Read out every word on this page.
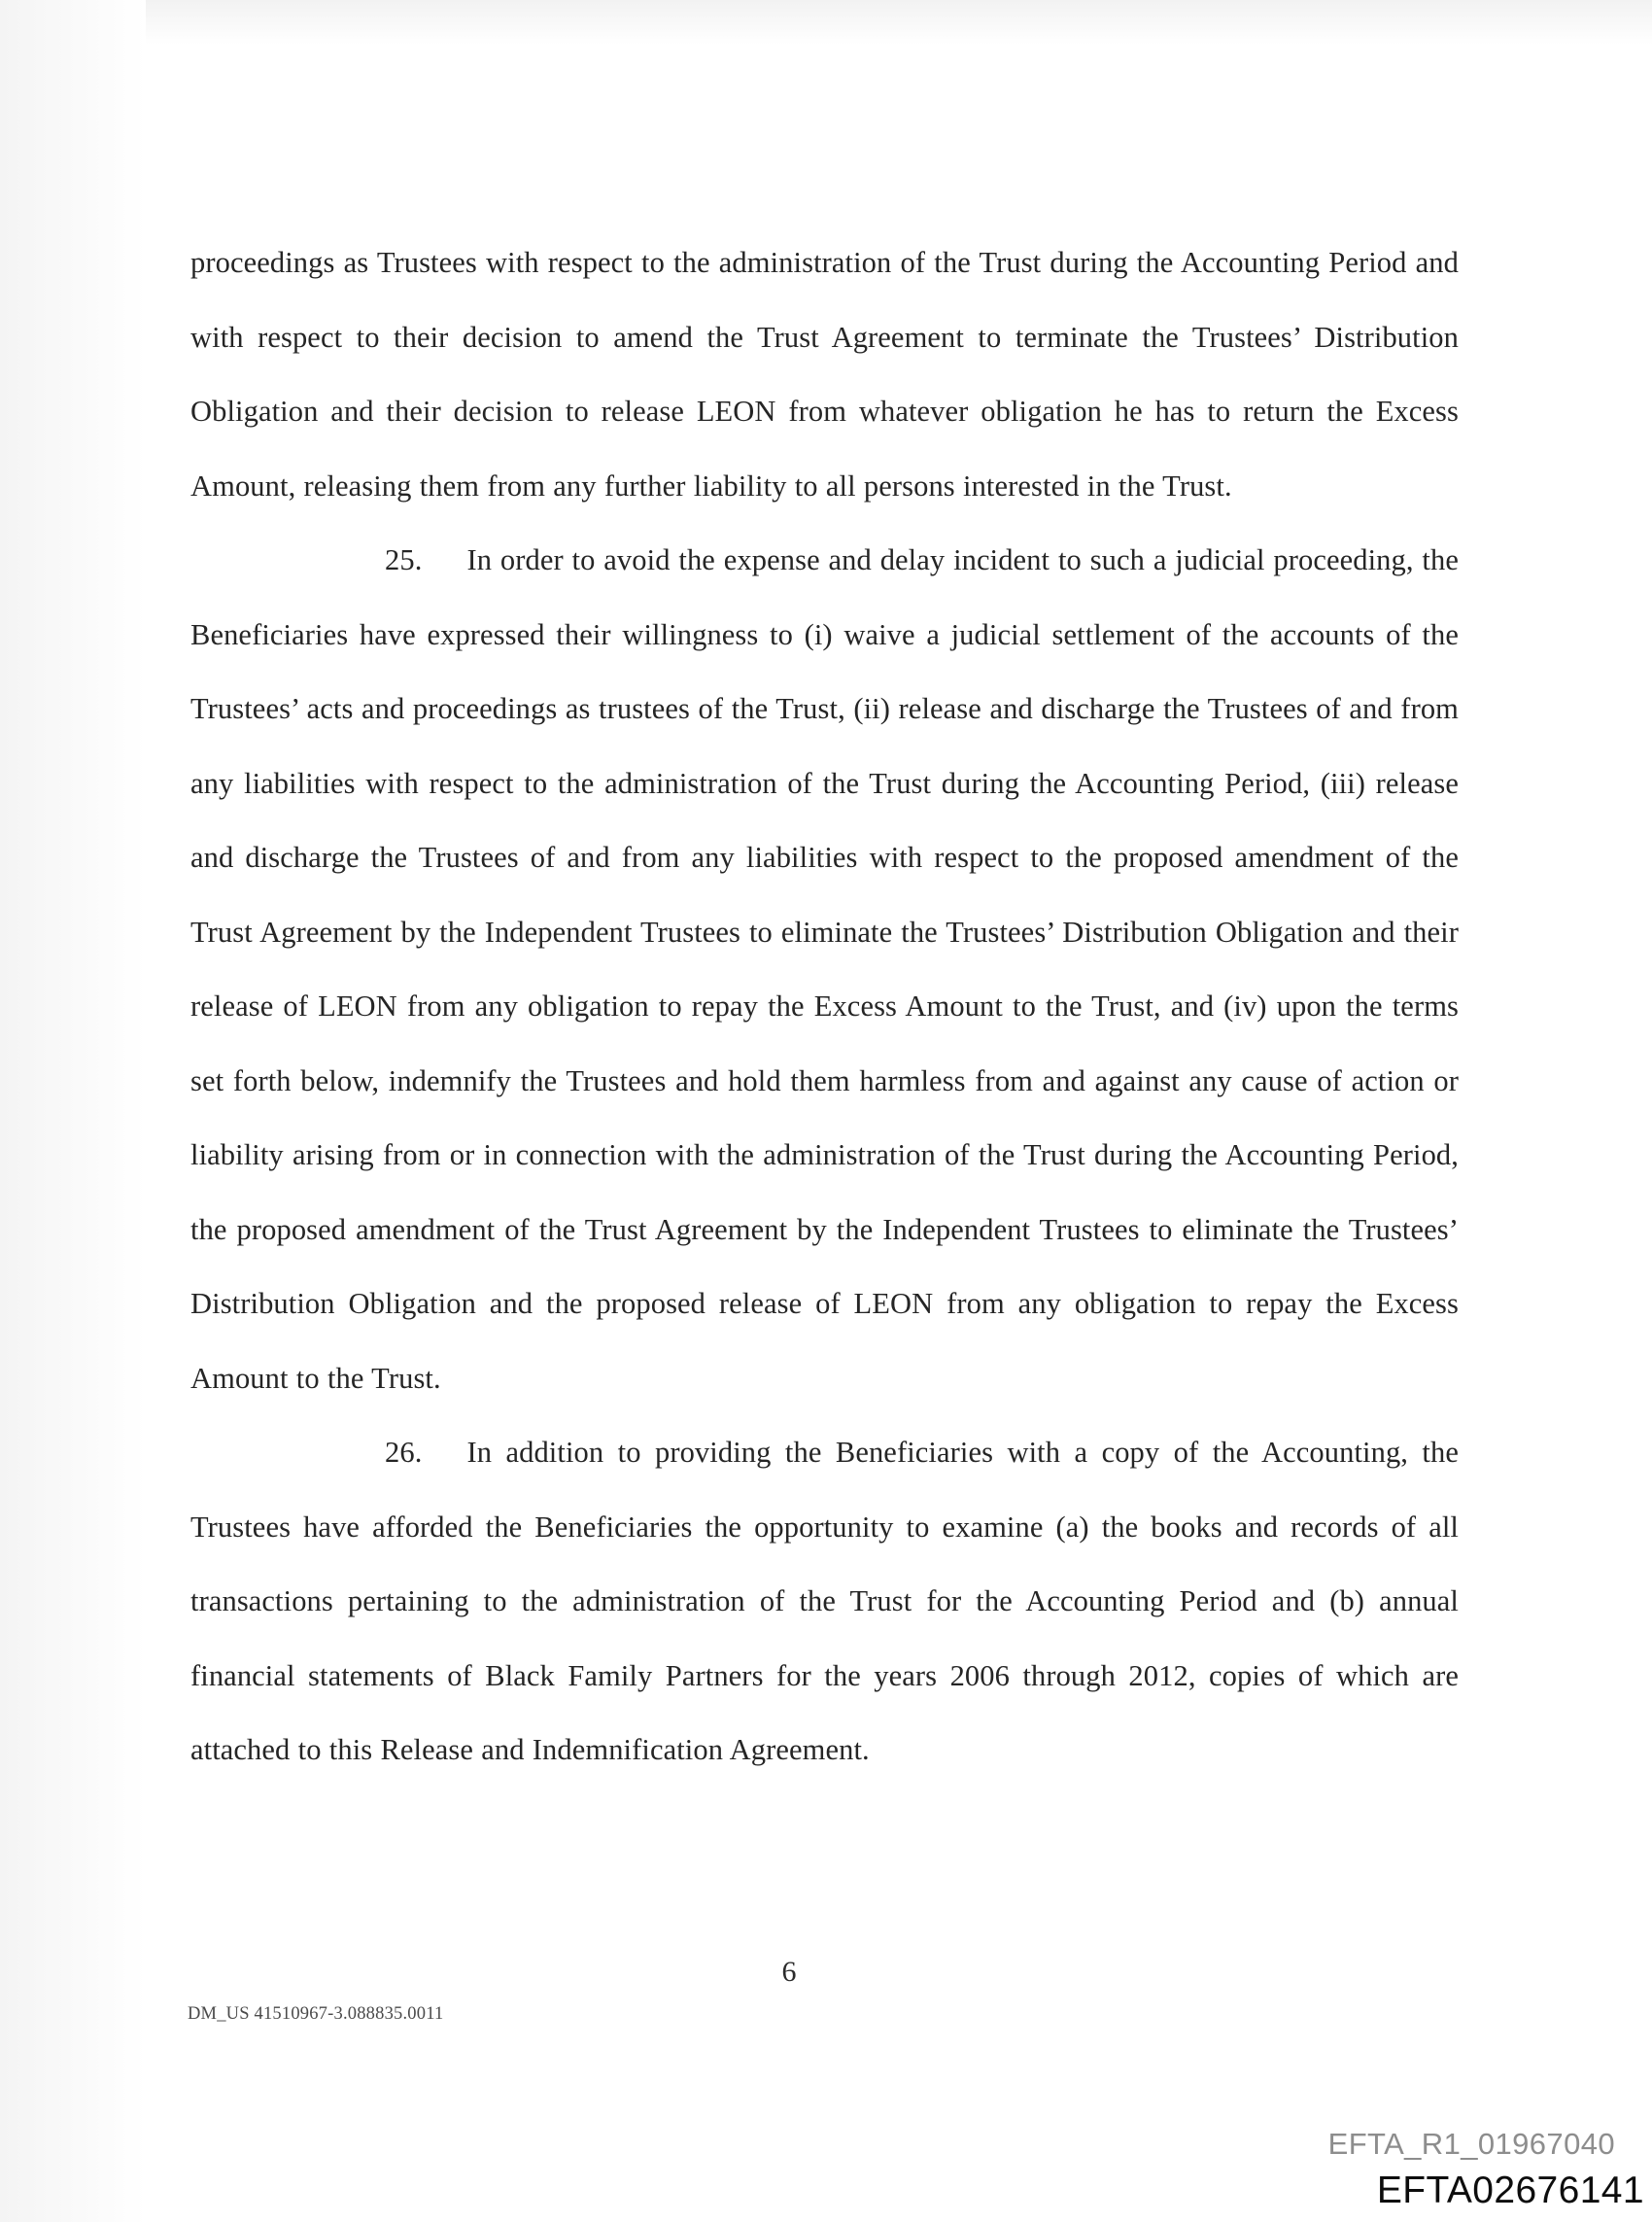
proceedings as Trustees with respect to the administration of the Trust during the Accounting Period and with respect to their decision to amend the Trust Agreement to terminate the Trustees’ Distribution Obligation and their decision to release LEON from whatever obligation he has to return the Excess Amount, releasing them from any further liability to all persons interested in the Trust.

25. In order to avoid the expense and delay incident to such a judicial proceeding, the Beneficiaries have expressed their willingness to (i) waive a judicial settlement of the accounts of the Trustees’ acts and proceedings as trustees of the Trust, (ii) release and discharge the Trustees of and from any liabilities with respect to the administration of the Trust during the Accounting Period, (iii) release and discharge the Trustees of and from any liabilities with respect to the proposed amendment of the Trust Agreement by the Independent Trustees to eliminate the Trustees’ Distribution Obligation and their release of LEON from any obligation to repay the Excess Amount to the Trust, and (iv) upon the terms set forth below, indemnify the Trustees and hold them harmless from and against any cause of action or liability arising from or in connection with the administration of the Trust during the Accounting Period, the proposed amendment of the Trust Agreement by the Independent Trustees to eliminate the Trustees’ Distribution Obligation and the proposed release of LEON from any obligation to repay the Excess Amount to the Trust.

26. In addition to providing the Beneficiaries with a copy of the Accounting, the Trustees have afforded the Beneficiaries the opportunity to examine (a) the books and records of all transactions pertaining to the administration of the Trust for the Accounting Period and (b) annual financial statements of Black Family Partners for the years 2006 through 2012, copies of which are attached to this Release and Indemnification Agreement.

6
DM_US 41510967-3.088835.0011
EFTA_R1_01967040
EFTA02676141
